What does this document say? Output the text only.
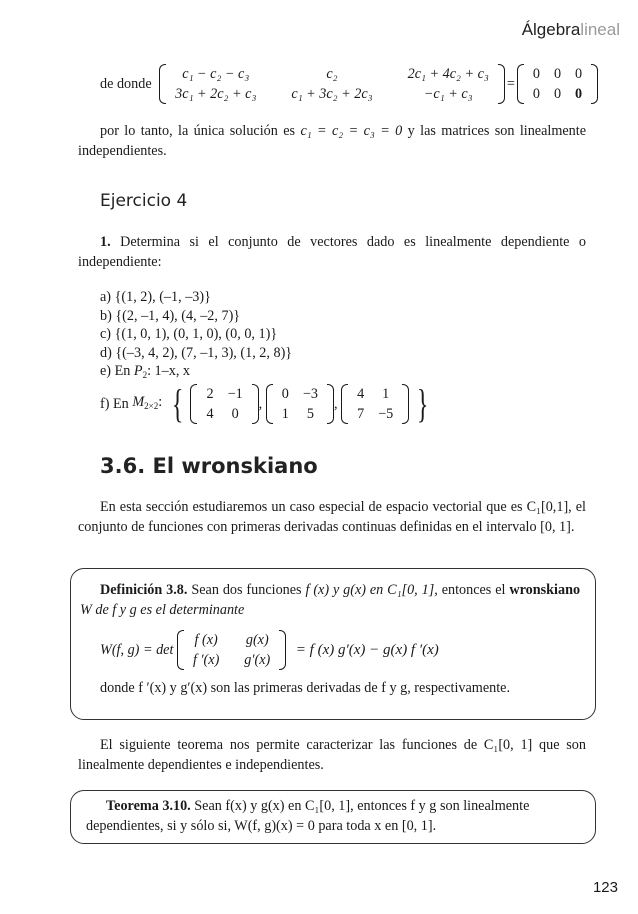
Álgebralineal
de donde
c₁ − c₂ − c₃	c₂	2c₁ + 4c₂ + c₃
3c₁ + 2c₂ + c₃	c₁ + 3c₂ + 2c₃	−c₁ + c₃
=
0	0	0
0	0	0
por lo tanto, la única solución es c₁ = c₂ = c₃ = 0 y las matrices son linealmente independientes.
Ejercicio 4
1. Determina si el conjunto de vectores dado es linealmente dependiente o independiente:
a) {(1, 2), (–1, –3)}
b) {(2, –1, 4), (4, –2, 7)}
c) {(1, 0, 1), (0, 1, 0), (0, 0, 1)}
d) {(–3, 4, 2), (7, –1, 3), (1, 2, 8)}
e) En $P_2$: 1–x, x
f) En $M_{2\times 2}$: { 2	−1
4	0
,
0	−3
1	5
,
4	1
7	−5 }
3.6. El wronskiano
En esta sección estudiaremos un caso especial de espacio vectorial que es C₁[0,1], el conjunto de funciones con primeras derivadas continuas definidas en el intervalo [0, 1].
Definición 3.8. Sean dos funciones f (x) y g(x) en C₁[0, 1], entonces el wronskiano W de f y g es el determinante
W(f, g) = det
f (x)	g(x)
f ′(x)	g′(x)
= f (x) g′(x) − g(x) f ′(x)
donde f ′(x) y g′(x) son las primeras derivadas de f y g, respectivamente.
El siguiente teorema nos permite caracterizar las funciones de C₁[0, 1] que son linealmente dependientes e independientes.
Teorema 3.10. Sean f(x) y g(x) en C₁[0, 1], entonces f y g son linealmente dependientes, si y sólo si, W(f, g)(x) = 0 para toda x en [0, 1].
123
